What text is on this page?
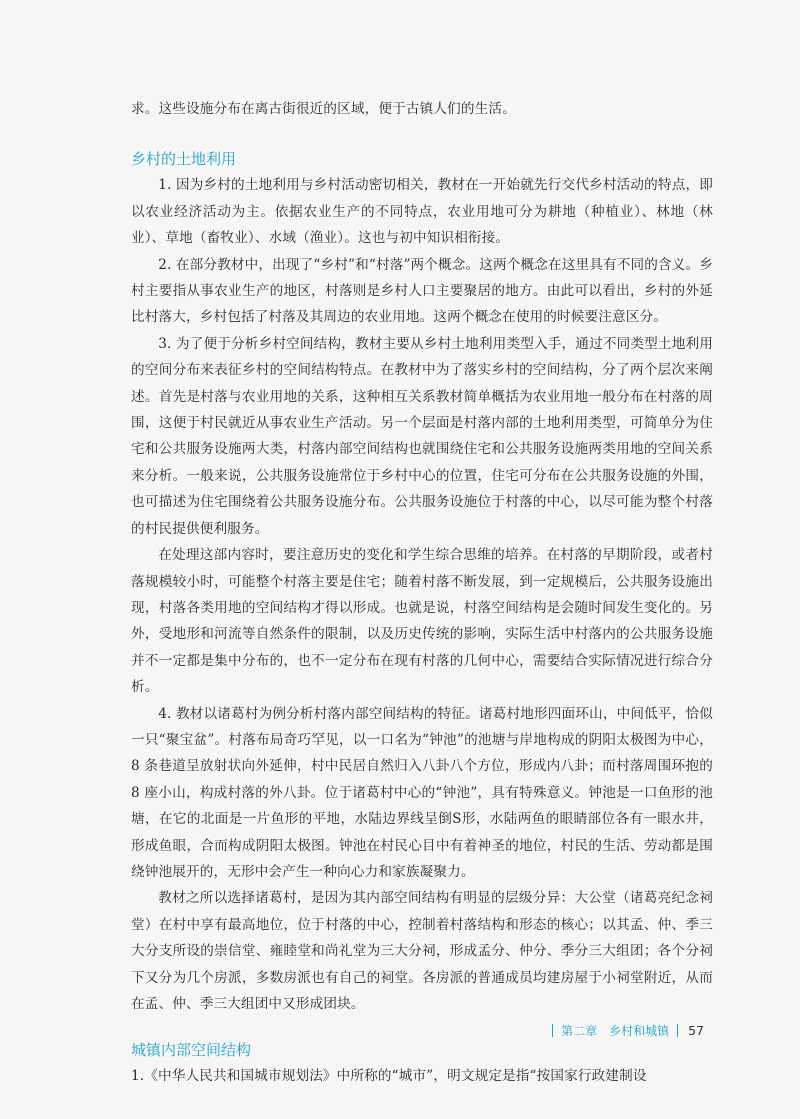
求。这些设施分布在离古街很近的区域，便于古镇人们的生活。

乡村的土地利用

1. 因为乡村的土地利用与乡村活动密切相关，教材在一开始就先行交代乡村活动的特点，即以农业经济活动为主。依据农业生产的不同特点，农业用地可分为耕地（种植业）、林地（林业）、草地（畜牧业）、水域（渔业）。这也与初中知识相衔接。

2. 在部分教材中，出现了“乡村”和“村落”两个概念。这两个概念在这里具有不同的含义。乡村主要指从事农业生产的地区，村落则是乡村人口主要聚居的地方。由此可以看出，乡村的外延比村落大，乡村包括了村落及其周边的农业用地。这两个概念在使用的时候要注意区分。

3. 为了便于分析乡村空间结构，教材主要从乡村土地利用类型入手，通过不同类型土地利用的空间分布来表征乡村的空间结构特点。在教材中为了落实乡村的空间结构，分了两个层次来阐述。首先是村落与农业用地的关系，这种相互关系教材简单概括为农业用地一般分布在村落的周围，这便于村民就近从事农业生产活动。另一个层面是村落内部的土地利用类型，可简单分为住宅和公共服务设施两大类，村落内部空间结构也就围绕住宅和公共服务设施两类用地的空间关系来分析。一般来说，公共服务设施常位于乡村中心的位置，住宅可分布在公共服务设施的外围，也可描述为住宅围绕着公共服务设施分布。公共服务设施位于村落的中心，以尽可能为整个村落的村民提供便利服务。

在处理这部内容时，要注意历史的变化和学生综合思维的培养。在村落的早期阶段，或者村落规模较小时，可能整个村落主要是住宅；随着村落不断发展，到一定规模后，公共服务设施出现，村落各类用地的空间结构才得以形成。也就是说，村落空间结构是会随时间发生变化的。另外，受地形和河流等自然条件的限制，以及历史传统的影响，实际生活中村落内的公共服务设施并不一定都是集中分布的，也不一定分布在现有村落的几何中心，需要结合实际情况进行综合分析。

4. 教材以诸葛村为例分析村落内部空间结构的特征。诸葛村地形四面环山，中间低平，恰似一只“聚宝盆”。村落布局奇巧罕见，以一口名为“钟池”的池塘与岸地构成的阴阳太极图为中心，8 条巷道呈放射状向外延伸，村中民居自然归入八卦八个方位，形成内八卦；而村落周围环抱的8 座小山，构成村落的外八卦。位于诸葛村中心的“钟池”，具有特殊意义。钟池是一口鱼形的池塘，在它的北面是一片鱼形的平地，水陆边界线呈倒S形，水陆两鱼的眼睛部位各有一眼水井，形成鱼眼，合而构成阴阳太极图。钟池在村民心目中有着神圣的地位，村民的生活、劳动都是围绕钟池展开的，无形中会产生一种向心力和家族凝聚力。

教材之所以选择诸葛村，是因为其内部空间结构有明显的层级分异：大公堂（诸葛亮纪念祠堂）在村中享有最高地位，位于村落的中心，控制着村落结构和形态的核心；以其孟、仲、季三大分支所设的崇信堂、雍睦堂和尚礼堂为三大分祠，形成孟分、仲分、季分三大组团；各个分祠下又分为几个房派，多数房派也有自己的祠堂。各房派的普通成员均建房屋于小祠堂附近，从而在孟、仲、季三大组团中又形成团块。

城镇内部空间结构

1.《中华人民共和国城市规划法》中所称的“城市”，明文规定是指“按国家行政建制设

第二章　乡村和城镇 57
